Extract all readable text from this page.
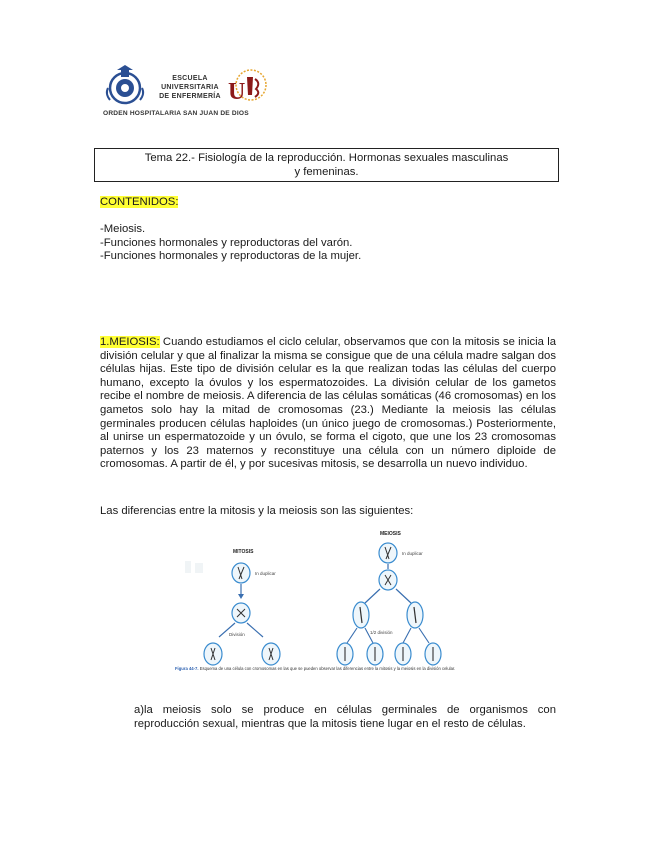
ESCUELA
UNIVERSITARIA
DE ENFERMERÍA U
ORDEN HOSPITALARIA SAN JUAN DE DIOS
Tema 22.- Fisiología de la reproducción. Hormonas sexuales masculinas
y femeninas.
CONTENIDOS:
-Meiosis.
-Funciones hormonales y reproductoras del varón.
-Funciones hormonales y reproductoras de la mujer.
1.MEIOSIS: Cuando estudiamos el ciclo celular, observamos que con la mitosis se inicia la división celular y que al finalizar la misma se consigue que de una célula madre salgan dos células hijas. Este tipo de división celular es la que realizan todas las células del cuerpo humano, excepto la óvulos y los espermatozoides. La división celular de los gametos recibe el nombre de meiosis. A diferencia de las células somáticas (46 cromosomas) en los gametos solo hay la mitad de cromosomas (23.) Mediante la meiosis las células germinales producen células haploides (un único juego de cromosomas.) Posteriormente, al unirse un espermatozoide y un óvulo, se forma el cigoto, que une los 23 cromosomas paternos y los 23 maternos y reconstituye una célula con un número diploide de cromosomas. A partir de él, y por sucesivas mitosis, se desarrolla un nuevo individuo.
Las diferencias entre la mitosis y la meiosis son las siguientes:
MITOSIS
In duplicar
División
MEIOSIS
In duplicar
1/2 división
Figura 44-7. Esquema de una célula con cromosomas en las que se pueden observar las diferencias entre la mitosis y la meiosis en la división celular.
a)la meiosis solo se produce en células germinales de organismos con reproducción sexual, mientras que la mitosis tiene lugar en el resto de células.
